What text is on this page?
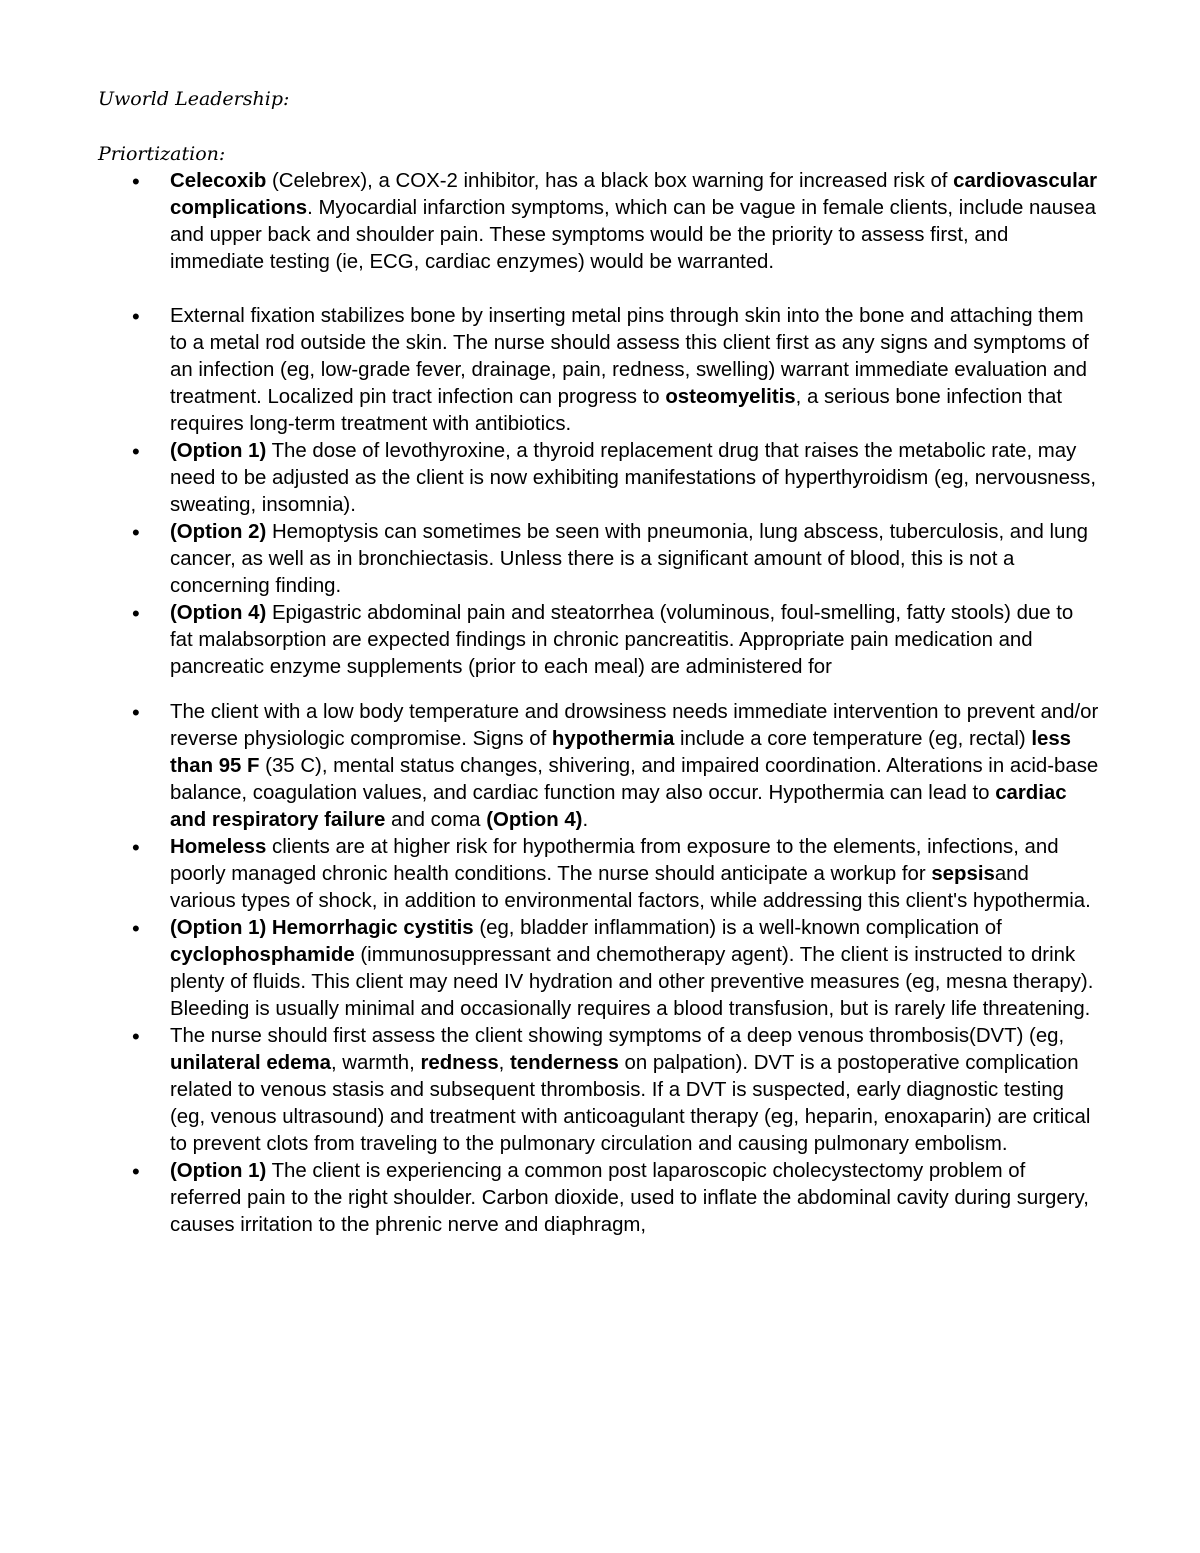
Uworld Leadership:

Priortization:

• Celecoxib (Celebrex), a COX-2 inhibitor, has a black box warning for increased risk of cardiovascular complications. Myocardial infarction symptoms, which can be vague in female clients, include nausea and upper back and shoulder pain. These symptoms would be the priority to assess first, and immediate testing (ie, ECG, cardiac enzymes) would be warranted.
• External fixation stabilizes bone by inserting metal pins through skin into the bone and attaching them to a metal rod outside the skin. The nurse should assess this client first as any signs and symptoms of an infection (eg, low-grade fever, drainage, pain, redness, swelling) warrant immediate evaluation and treatment. Localized pin tract infection can progress to osteomyelitis, a serious bone infection that requires long-term treatment with antibiotics.
• (Option 1) The dose of levothyroxine, a thyroid replacement drug that raises the metabolic rate, may need to be adjusted as the client is now exhibiting manifestations of hyperthyroidism (eg, nervousness, sweating, insomnia).
• (Option 2) Hemoptysis can sometimes be seen with pneumonia, lung abscess, tuberculosis, and lung cancer, as well as in bronchiectasis. Unless there is a significant amount of blood, this is not a concerning finding.
• (Option 4) Epigastric abdominal pain and steatorrhea (voluminous, foul-smelling, fatty stools) due to fat malabsorption are expected findings in chronic pancreatitis. Appropriate pain medication and pancreatic enzyme supplements (prior to each meal) are administered for
• The client with a low body temperature and drowsiness needs immediate intervention to prevent and/or reverse physiologic compromise. Signs of hypothermia include a core temperature (eg, rectal) less than 95 F (35 C), mental status changes, shivering, and impaired coordination. Alterations in acid-base balance, coagulation values, and cardiac function may also occur. Hypothermia can lead to cardiac and respiratory failure and coma (Option 4).
• Homeless clients are at higher risk for hypothermia from exposure to the elements, infections, and poorly managed chronic health conditions. The nurse should anticipate a workup for sepsisand various types of shock, in addition to environmental factors, while addressing this client's hypothermia.
• (Option 1) Hemorrhagic cystitis (eg, bladder inflammation) is a well-known complication of cyclophosphamide (immunosuppressant and chemotherapy agent). The client is instructed to drink plenty of fluids. This client may need IV hydration and other preventive measures (eg, mesna therapy). Bleeding is usually minimal and occasionally requires a blood transfusion, but is rarely life threatening.
• The nurse should first assess the client showing symptoms of a deep venous thrombosis(DVT) (eg, unilateral edema, warmth, redness, tenderness on palpation). DVT is a postoperative complication related to venous stasis and subsequent thrombosis. If a DVT is suspected, early diagnostic testing (eg, venous ultrasound) and treatment with anticoagulant therapy (eg, heparin, enoxaparin) are critical to prevent clots from traveling to the pulmonary circulation and causing pulmonary embolism.
• (Option 1) The client is experiencing a common post laparoscopic cholecystectomy problem of referred pain to the right shoulder. Carbon dioxide, used to inflate the abdominal cavity during surgery, causes irritation to the phrenic nerve and diaphragm,
